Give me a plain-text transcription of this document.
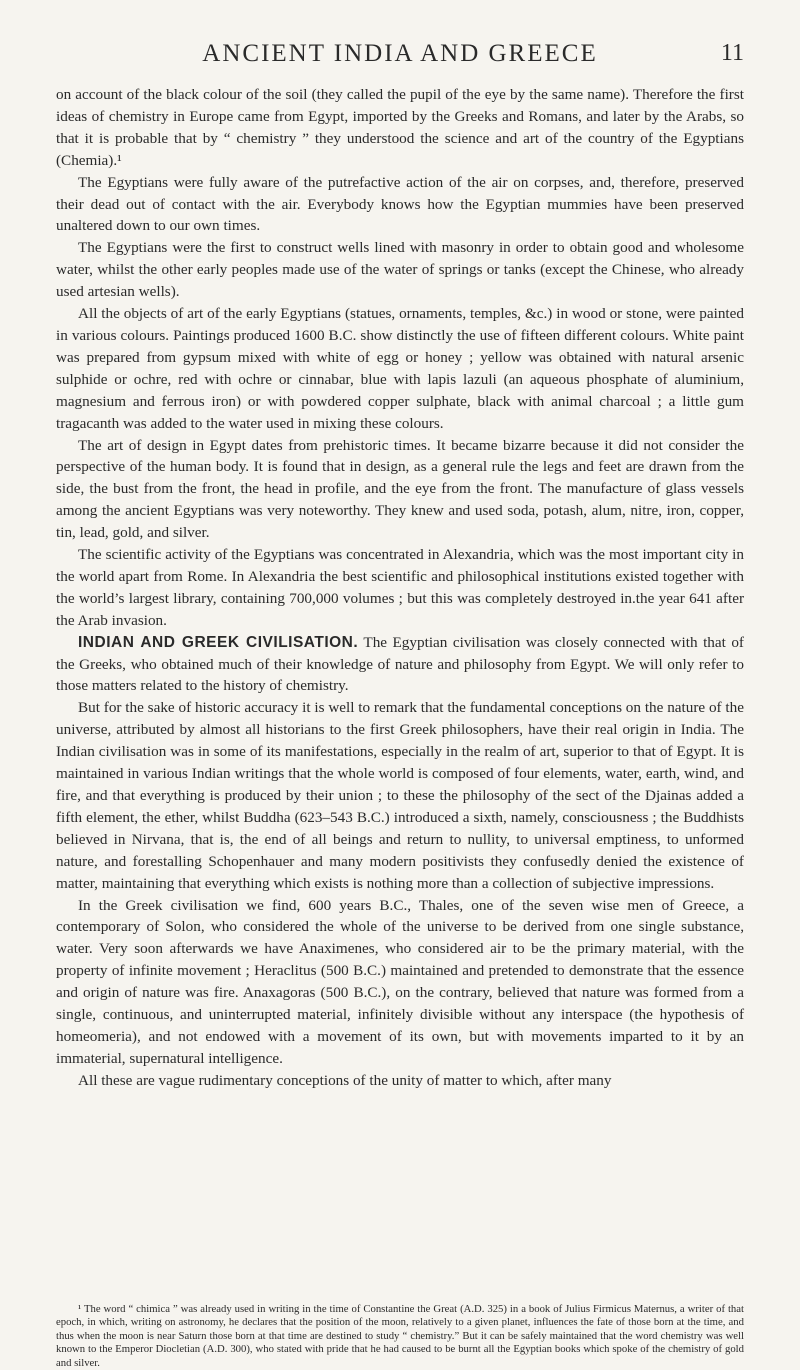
ANCIENT INDIA AND GREECE	11

on account of the black colour of the soil (they called the pupil of the eye by the same name). Therefore the first ideas of chemistry in Europe came from Egypt, imported by the Greeks and Romans, and later by the Arabs, so that it is probable that by “ chemistry ” they understood the science and art of the country of the Egyptians (Chemia).¹

The Egyptians were fully aware of the putrefactive action of the air on corpses, and, therefore, preserved their dead out of contact with the air. Everybody knows how the Egyptian mummies have been preserved unaltered down to our own times.

The Egyptians were the first to construct wells lined with masonry in order to obtain good and wholesome water, whilst the other early peoples made use of the water of springs or tanks (except the Chinese, who already used artesian wells).

All the objects of art of the early Egyptians (statues, ornaments, temples, &c.) in wood or stone, were painted in various colours. Paintings produced 1600 B.C. show distinctly the use of fifteen different colours. White paint was prepared from gypsum mixed with white of egg or honey ; yellow was obtained with natural arsenic sulphide or ochre, red with ochre or cinnabar, blue with lapis lazuli (an aqueous phosphate of aluminium, magnesium and ferrous iron) or with powdered copper sulphate, black with animal charcoal ; a little gum tragacanth was added to the water used in mixing these colours.

The art of design in Egypt dates from prehistoric times. It became bizarre because it did not consider the perspective of the human body. It is found that in design, as a general rule the legs and feet are drawn from the side, the bust from the front, the head in profile, and the eye from the front. The manufacture of glass vessels among the ancient Egyptians was very noteworthy. They knew and used soda, potash, alum, nitre, iron, copper, tin, lead, gold, and silver.

The scientific activity of the Egyptians was concentrated in Alexandria, which was the most important city in the world apart from Rome. In Alexandria the best scientific and philosophical institutions existed together with the world’s largest library, containing 700,000 volumes ; but this was completely destroyed in.the year 641 after the Arab invasion.

INDIAN AND GREEK CIVILISATION. The Egyptian civilisation was closely connected with that of the Greeks, who obtained much of their knowledge of nature and philosophy from Egypt. We will only refer to those matters related to the history of chemistry.

But for the sake of historic accuracy it is well to remark that the fundamental conceptions on the nature of the universe, attributed by almost all historians to the first Greek philosophers, have their real origin in India. The Indian civilisation was in some of its manifestations, especially in the realm of art, superior to that of Egypt. It is maintained in various Indian writings that the whole world is composed of four elements, water, earth, wind, and fire, and that everything is produced by their union ; to these the philosophy of the sect of the Djainas added a fifth element, the ether, whilst Buddha (623–543 B.C.) introduced a sixth, namely, consciousness ; the Buddhists believed in Nirvana, that is, the end of all beings and return to nullity, to universal emptiness, to unformed nature, and forestalling Schopenhauer and many modern positivists they confusedly denied the existence of matter, maintaining that everything which exists is nothing more than a collection of subjective impressions.

In the Greek civilisation we find, 600 years B.C., Thales, one of the seven wise men of Greece, a contemporary of Solon, who considered the whole of the universe to be derived from one single substance, water. Very soon afterwards we have Anaximenes, who considered air to be the primary material, with the property of infinite movement ; Heraclitus (500 B.C.) maintained and pretended to demonstrate that the essence and origin of nature was fire. Anaxagoras (500 B.C.), on the contrary, believed that nature was formed from a single, continuous, and uninterrupted material, infinitely divisible without any interspace (the hypothesis of homeomeria), and not endowed with a movement of its own, but with movements imparted to it by an immaterial, supernatural intelligence.

All these are vague rudimentary conceptions of the unity of matter to which, after many

¹ The word “ chimica ” was already used in writing in the time of Constantine the Great (A.D. 325) in a book of Julius Firmicus Maternus, a writer of that epoch, in which, writing on astronomy, he declares that the position of the moon, relatively to a given planet, influences the fate of those born at the time, and thus when the moon is near Saturn those born at that time are destined to study “ chemistry.” But it can be safely maintained that the word chemistry was well known to the Emperor Diocletian (A.D. 300), who stated with pride that he had caused to be burnt all the Egyptian books which spoke of the chemistry of gold and silver.
